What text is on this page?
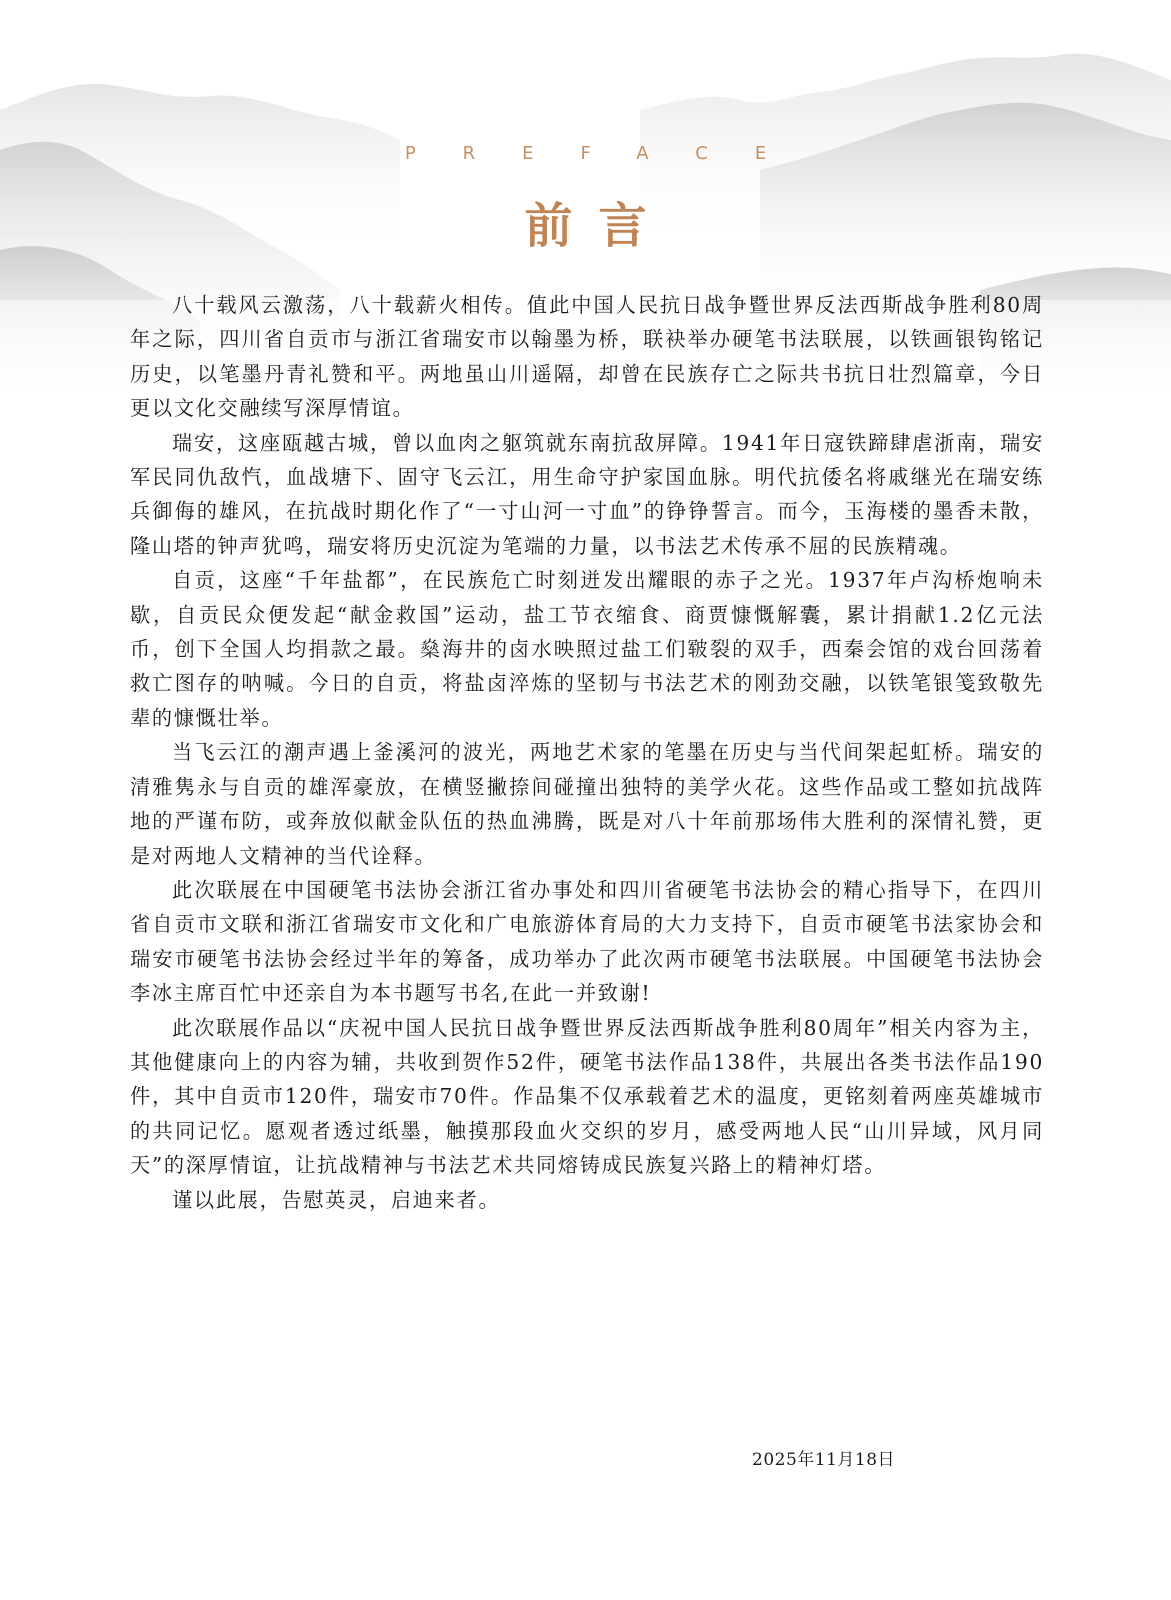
PREFACE
前言

八十载风云激荡，八十载薪火相传。值此中国人民抗日战争暨世界反法西斯战争胜利80周年之际，四川省自贡市与浙江省瑞安市以翰墨为桥，联袂举办硬笔书法联展，以铁画银钩铭记历史，以笔墨丹青礼赞和平。两地虽山川遥隔，却曾在民族存亡之际共书抗日壮烈篇章，今日更以文化交融续写深厚情谊。

瑞安，这座瓯越古城，曾以血肉之躯筑就东南抗敌屏障。1941年日寇铁蹄肆虐浙南，瑞安军民同仇敌忾，血战塘下、固守飞云江，用生命守护家国血脉。明代抗倭名将戚继光在瑞安练兵御侮的雄风，在抗战时期化作了“一寸山河一寸血”的铮铮誓言。而今，玉海楼的墨香未散，隆山塔的钟声犹鸣，瑞安将历史沉淀为笔端的力量，以书法艺术传承不屈的民族精魂。

自贡，这座“千年盐都”，在民族危亡时刻迸发出耀眼的赤子之光。1937年卢沟桥炮响未歇，自贡民众便发起“献金救国”运动，盐工节衣缩食、商贾慷慨解囊，累计捐献1.2亿元法币，创下全国人均捐款之最。燊海井的卤水映照过盐工们皲裂的双手，西秦会馆的戏台回荡着救亡图存的呐喊。今日的自贡，将盐卤淬炼的坚韧与书法艺术的刚劲交融，以铁笔银笺致敬先辈的慷慨壮举。

当飞云江的潮声遇上釜溪河的波光，两地艺术家的笔墨在历史与当代间架起虹桥。瑞安的清雅隽永与自贡的雄浑豪放，在横竖撇捺间碰撞出独特的美学火花。这些作品或工整如抗战阵地的严谨布防，或奔放似献金队伍的热血沸腾，既是对八十年前那场伟大胜利的深情礼赞，更是对两地人文精神的当代诠释。

此次联展在中国硬笔书法协会浙江省办事处和四川省硬笔书法协会的精心指导下，在四川省自贡市文联和浙江省瑞安市文化和广电旅游体育局的大力支持下，自贡市硬笔书法家协会和瑞安市硬笔书法协会经过半年的筹备，成功举办了此次两市硬笔书法联展。中国硬笔书法协会李冰主席百忙中还亲自为本书题写书名,在此一并致谢!

此次联展作品以“庆祝中国人民抗日战争暨世界反法西斯战争胜利80周年”相关内容为主，其他健康向上的内容为辅，共收到贺作52件，硬笔书法作品138件，共展出各类书法作品190件，其中自贡市120件，瑞安市70件。作品集不仅承载着艺术的温度，更铭刻着两座英雄城市的共同记忆。愿观者透过纸墨，触摸那段血火交织的岁月，感受两地人民“山川异域，风月同天”的深厚情谊，让抗战精神与书法艺术共同熔铸成民族复兴路上的精神灯塔。

谨以此展，告慰英灵，启迪来者。

2025年11月18日
